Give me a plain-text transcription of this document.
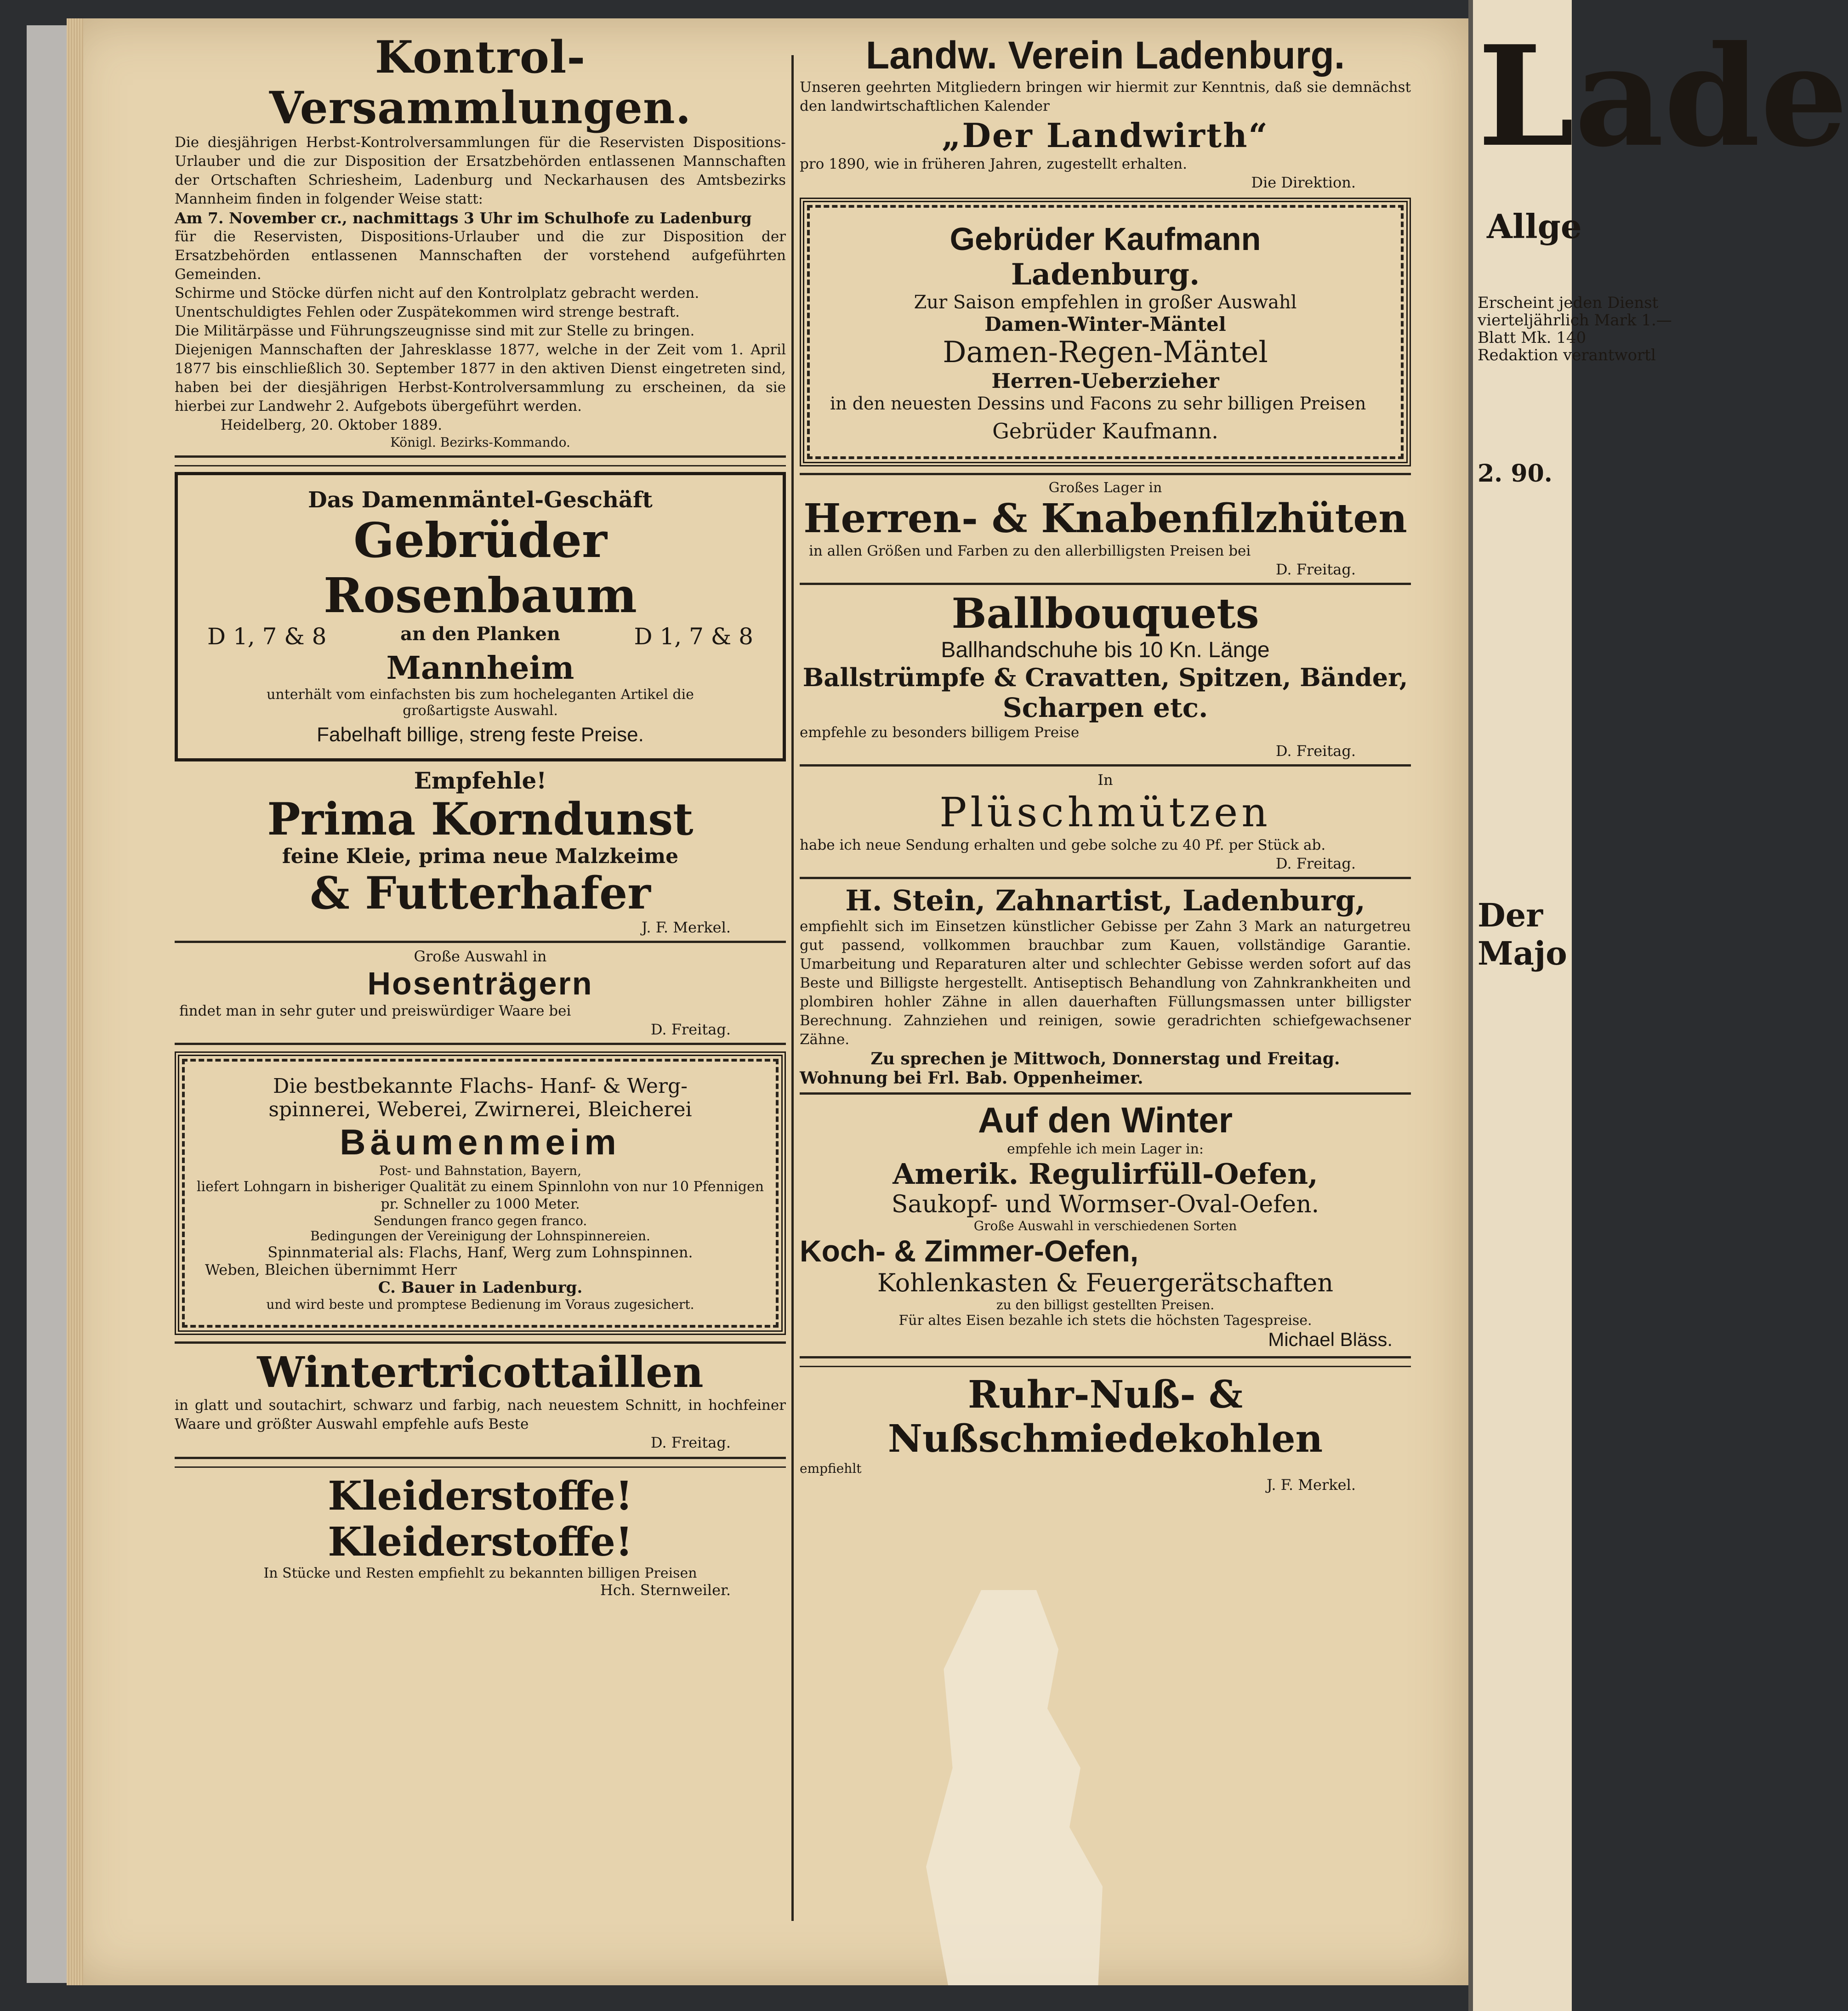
Lade
Allge
Erscheint jeden Dienst
vierteljährlich Mark 1.—
Blatt Mk. 140
Redaktion verantwortl
2. 90.
Der Majo
Kontrol-Versammlungen.
Die diesjährigen Herbst-Kontrolversammlungen für die Reservisten Dispositions-Urlauber und die zur Disposition der Ersatzbehörden entlassenen Mannschaften der Ortschaften Schriesheim, Ladenburg und Neckarhausen des Amtsbezirks Mannheim finden in folgender Weise statt:
Am 7. November cr., nachmittags 3 Uhr im Schulhofe zu Ladenburg
für die Reservisten, Dispositions-Urlauber und die zur Disposition der Ersatzbehörden entlassenen Mannschaften der vorstehend aufgeführten Gemeinden.
Schirme und Stöcke dürfen nicht auf den Kontrolplatz gebracht werden.
Unentschuldigtes Fehlen oder Zuspätekommen wird strenge bestraft.
Die Militärpässe und Führungszeugnisse sind mit zur Stelle zu bringen.
Diejenigen Mannschaften der Jahresklasse 1877, welche in der Zeit vom 1. April 1877 bis einschließlich 30. September 1877 in den aktiven Dienst eingetreten sind, haben bei der diesjährigen Herbst-Kontrolversammlung zu erscheinen, da sie hierbei zur Landwehr 2. Aufgebots übergeführt werden.
Heidelberg, 20. Oktober 1889.
Königl. Bezirks-Kommando.
Das Damenmäntel-Geschäft
Gebrüder Rosenbaum
D 1, 7 & 8	an den Planken	D 1, 7 & 8
Mannheim
unterhält vom einfachsten bis zum hocheleganten Artikel die großartigste Auswahl.
Fabelhaft billige, streng feste Preise.
Empfehle!
Prima Korndunst
feine Kleie, prima neue Malzkeime
& Futterhafer
J. F. Merkel.
Große Auswahl in
Hosenträgern
findet man in sehr guter und preiswürdiger Waare bei
D. Freitag.
Die bestbekannte Flachs- Hanf- & Werg-
spinnerei, Weberei, Zwirnerei, Bleicherei
Bäumenmeim
Post- und Bahnstation, Bayern,
liefert Lohngarn in bisheriger Qualität zu einem Spinnlohn von nur 10 Pfennigen pr. Schneller zu 1000 Meter.
Sendungen franco gegen franco.
Bedingungen der Vereinigung der Lohnspinnereien.
Spinnmaterial als: Flachs, Hanf, Werg zum Lohnspinnen.
Weben, Bleichen übernimmt Herr
C. Bauer in Ladenburg.
und wird beste und promptese Bedienung im Voraus zugesichert.
Wintertricottaillen
in glatt und soutachirt, schwarz und farbig, nach neuestem Schnitt, in hochfeiner Waare und größter Auswahl empfehle aufs Beste
D. Freitag.
Kleiderstoffe! Kleiderstoffe!
In Stücke und Resten empfiehlt zu bekannten billigen Preisen
Hch. Sternweiler.
Landw. Verein Ladenburg.
Unseren geehrten Mitgliedern bringen wir hiermit zur Kenntnis, daß sie demnächst den landwirtschaftlichen Kalender
„Der Landwirth“
pro 1890, wie in früheren Jahren, zugestellt erhalten.
Die Direktion.
Gebrüder Kaufmann
Ladenburg.
Zur Saison empfehlen in großer Auswahl
Damen-Winter-Mäntel
Damen-Regen-Mäntel
Herren-Ueberzieher
in den neuesten Dessins und Facons zu sehr billigen Preisen
Gebrüder Kaufmann.
Großes Lager in
Herren- & Knabenfilzhüten
in allen Größen und Farben zu den allerbilligsten Preisen bei
D. Freitag.
Ballbouquets
Ballhandschuhe bis 10 Kn. Länge
Ballstrümpfe & Cravatten, Spitzen, Bänder,
Scharpen etc.
empfehle zu besonders billigem Preise
D. Freitag.
In
Plüschmützen
habe ich neue Sendung erhalten und gebe solche zu 40 Pf. per Stück ab.
D. Freitag.
H. Stein, Zahnartist, Ladenburg,
empfiehlt sich im Einsetzen künstlicher Gebisse per Zahn 3 Mark an naturgetreu gut passend, vollkommen brauchbar zum Kauen, vollständige Garantie. Umarbeitung und Reparaturen alter und schlechter Gebisse werden sofort auf das Beste und Billigste hergestellt. Antiseptisch Behandlung von Zahnkrankheiten und plombiren hohler Zähne in allen dauerhaften Füllungsmassen unter billigster Berechnung. Zahnziehen und reinigen, sowie geradrichten schiefgewachsener Zähne.
Zu sprechen je Mittwoch, Donnerstag und Freitag.
Wohnung bei Frl. Bab. Oppenheimer.
Auf den Winter
empfehle ich mein Lager in:
Amerik. Regulirfüll-Oefen,
Saukopf- und Wormser-Oval-Oefen.
Große Auswahl in verschiedenen Sorten
Koch- & Zimmer-Oefen,
Kohlenkasten & Feuergerätschaften
zu den billigst gestellten Preisen.
Für altes Eisen bezahle ich stets die höchsten Tagespreise.
Michael Bläss.
Ruhr-Nuß- & Nußschmiedekohlen
empfiehlt
J. F. Merkel.
